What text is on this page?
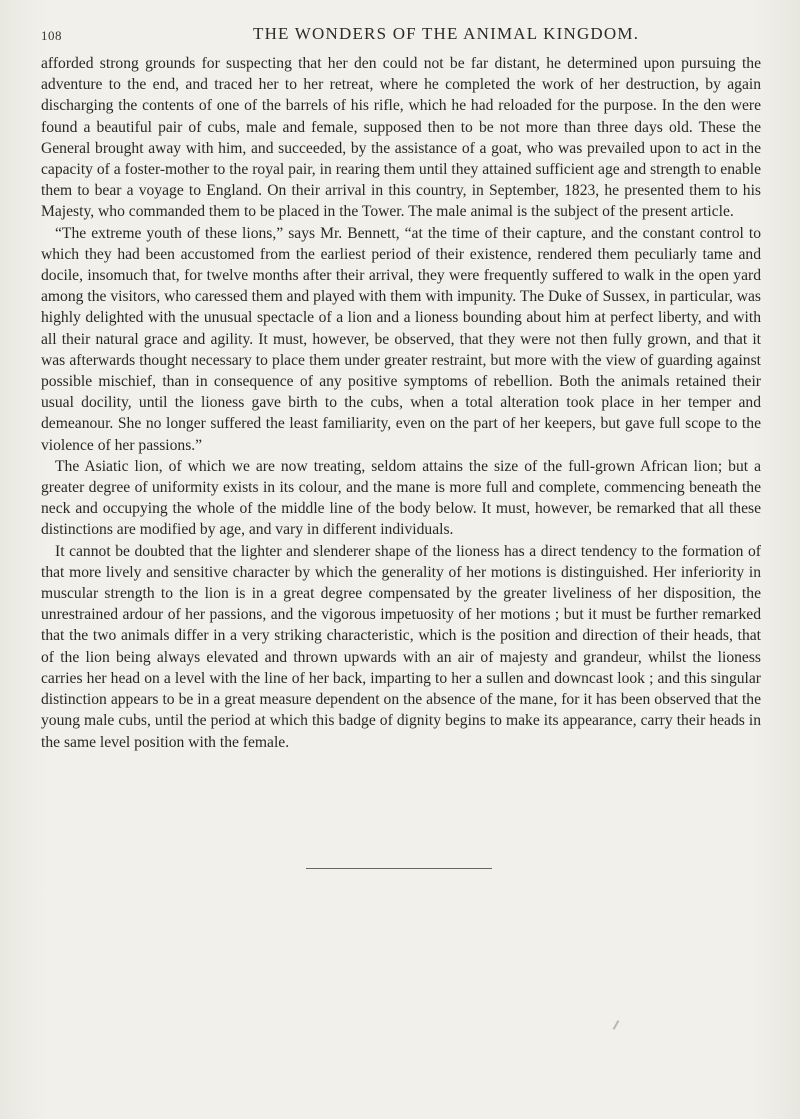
108	THE WONDERS OF THE ANIMAL KINGDOM.

afforded strong grounds for suspecting that her den could not be far distant, he determined upon pursuing the adventure to the end, and traced her to her retreat, where he completed the work of her destruction, by again discharging the contents of one of the barrels of his rifle, which he had reloaded for the purpose. In the den were found a beautiful pair of cubs, male and female, supposed then to be not more than three days old. These the General brought away with him, and succeeded, by the assistance of a goat, who was prevailed upon to act in the capacity of a foster-mother to the royal pair, in rearing them until they attained sufficient age and strength to enable them to bear a voyage to England. On their arrival in this country, in September, 1823, he presented them to his Majesty, who commanded them to be placed in the Tower. The male animal is the subject of the present article.

“The extreme youth of these lions,” says Mr. Bennett, “at the time of their capture, and the constant control to which they had been accustomed from the earliest period of their existence, rendered them peculiarly tame and docile, insomuch that, for twelve months after their arrival, they were frequently suffered to walk in the open yard among the visitors, who caressed them and played with them with impunity. The Duke of Sussex, in particular, was highly delighted with the unusual spectacle of a lion and a lioness bounding about him at perfect liberty, and with all their natural grace and agility. It must, however, be observed, that they were not then fully grown, and that it was afterwards thought necessary to place them under greater restraint, but more with the view of guarding against possible mischief, than in consequence of any positive symptoms of rebellion. Both the animals retained their usual docility, until the lioness gave birth to the cubs, when a total alteration took place in her temper and demeanour. She no longer suffered the least familiarity, even on the part of her keepers, but gave full scope to the violence of her passions.”

The Asiatic lion, of which we are now treating, seldom attains the size of the full-grown African lion; but a greater degree of uniformity exists in its colour, and the mane is more full and complete, commencing beneath the neck and occupying the whole of the middle line of the body below. It must, however, be remarked that all these distinctions are modified by age, and vary in different individuals.

It cannot be doubted that the lighter and slenderer shape of the lioness has a direct tendency to the formation of that more lively and sensitive character by which the generality of her motions is distinguished. Her inferiority in muscular strength to the lion is in a great degree compensated by the greater liveliness of her disposition, the unrestrained ardour of her passions, and the vigorous impetuosity of her motions ; but it must be further remarked that the two animals differ in a very striking characteristic, which is the position and direction of their heads, that of the lion being always elevated and thrown upwards with an air of majesty and grandeur, whilst the lioness carries her head on a level with the line of her back, imparting to her a sullen and downcast look ; and this singular distinction appears to be in a great measure dependent on the absence of the mane, for it has been observed that the young male cubs, until the period at which this badge of dignity begins to make its appearance, carry their heads in the same level position with the female.
